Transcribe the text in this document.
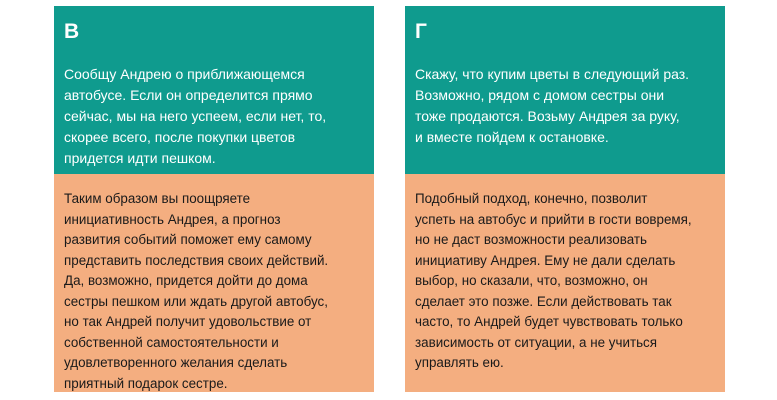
В
Сообщу Андрею о приближающемся
автобусе. Если он определится прямо
сейчас, мы на него успеем, если нет, то,
скорее всего, после покупки цветов
придется идти пешком.
Таким образом вы поощряете
инициативность Андрея, а прогноз
развития событий поможет ему самому
представить последствия своих действий.
Да, возможно, придется дойти до дома
сестры пешком или ждать другой автобус,
но так Андрей получит удовольствие от
собственной самостоятельности и
удовлетворенного желания сделать
приятный подарок сестре.
Г
Скажу, что купим цветы в следующий раз.
Возможно, рядом с домом сестры они
тоже продаются. Возьму Андрея за руку,
и вместе пойдем к остановке.
Подобный подход, конечно, позволит
успеть на автобус и прийти в гости вовремя,
но не даст возможности реализовать
инициативу Андрея. Ему не дали сделать
выбор, но сказали, что, возможно, он
сделает это позже. Если действовать так
часто, то Андрей будет чувствовать только
зависимость от ситуации, а не учиться
управлять ею.
